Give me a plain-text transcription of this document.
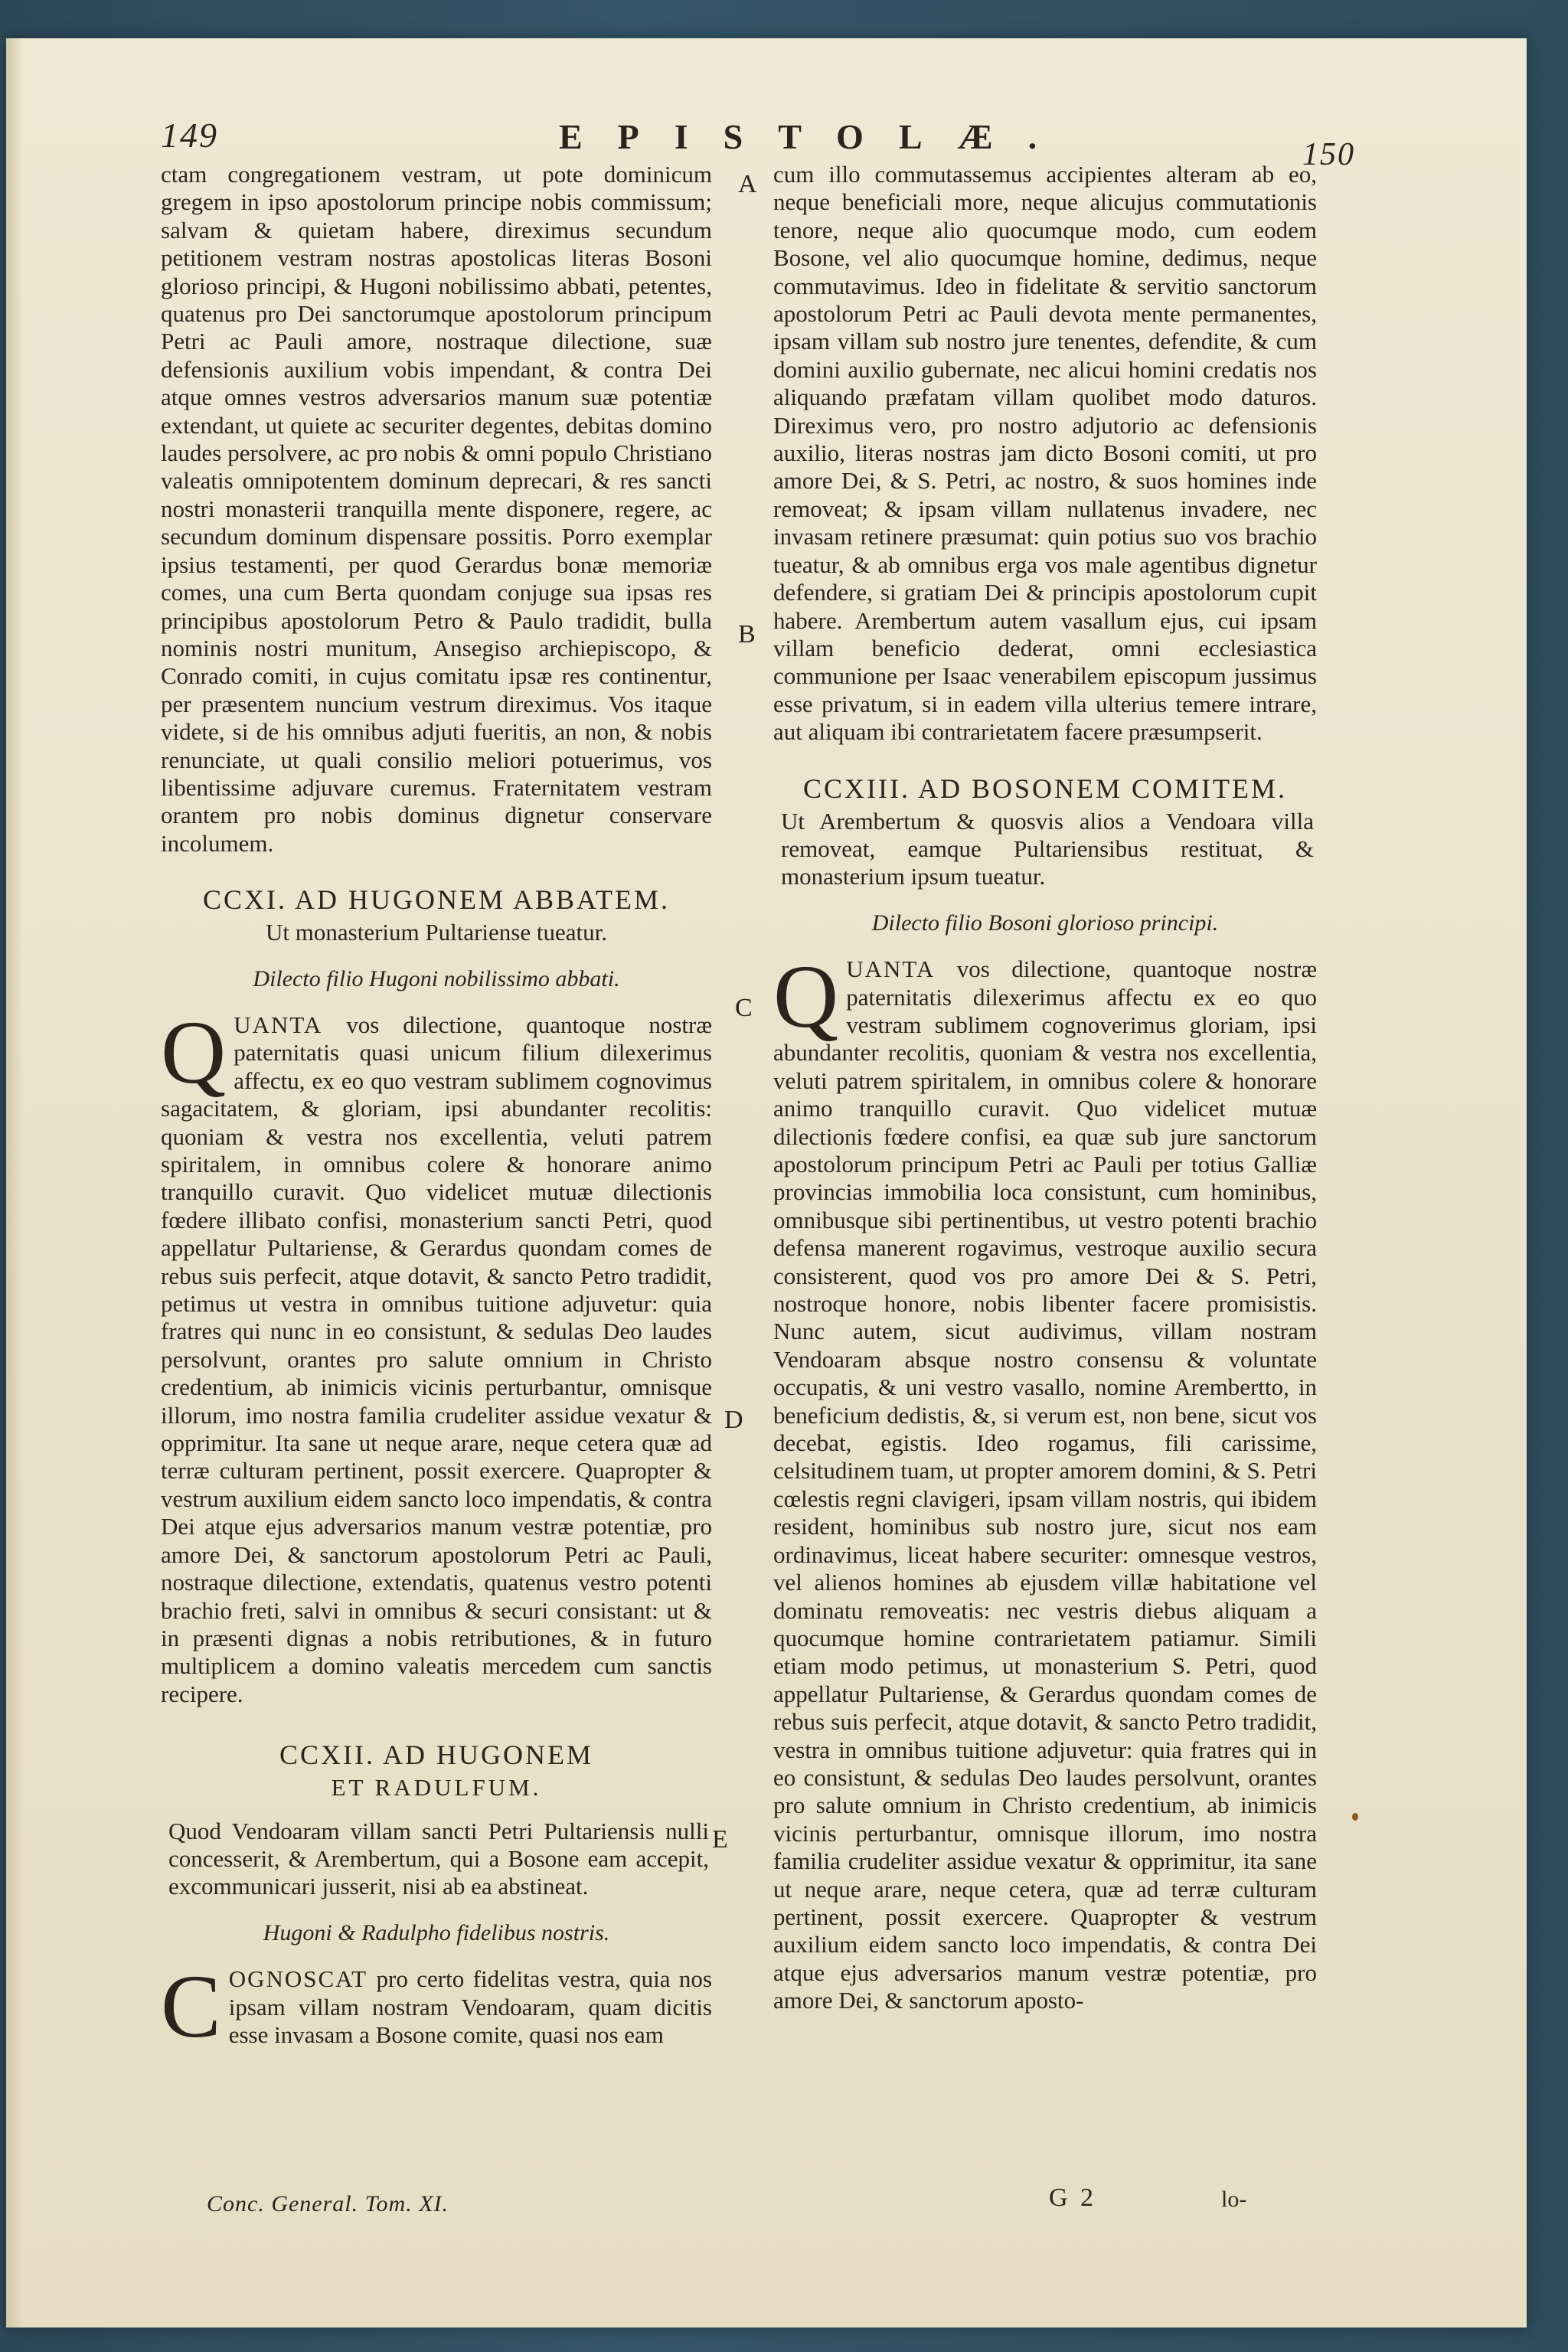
149	EPISTOLÆ.	150

ctam congregationem vestram, ut pote dominicum gregem in ipso apostolorum principe nobis commissum; salvam & quietam habere, direximus secundum petitionem vestram nostras apostolicas literas Bosoni glorioso principi, & Hugoni nobilissimo abbati, petentes, quatenus pro Dei sanctorumque apostolorum principum Petri ac Pauli amore, nostraque dilectione, suæ defensionis auxilium vobis impendant, & contra Dei atque omnes vestros adversarios manum suæ potentiæ extendant, ut quiete ac securiter degentes, debitas domino laudes persolvere, ac pro nobis & omni populo Christiano valeatis omnipotentem dominum deprecari, & res sancti nostri monasterii tranquilla mente disponere, regere, ac secundum dominum dispensare possitis. Porro exemplar ipsius testamenti, per quod Gerardus bonæ memoriæ comes, una cum Berta quondam conjuge sua ipsas res principibus apostolorum Petro & Paulo tradidit, bulla nominis nostri munitum, Ansegiso archiepiscopo, & Conrado comiti, in cujus comitatu ipsæ res continentur, per præsentem nuncium vestrum direximus. Vos itaque videte, si de his omnibus adjuti fueritis, an non, & nobis renunciate, ut quali consilio meliori potuerimus, vos libentissime adjuvare curemus. Fraternitatem vestram orantem pro nobis dominus dignetur conservare incolumem.

CCXI. AD HUGONEM ABBATEM.
Ut monasterium Pultariense tueatur.
Dilecto filio Hugoni nobilissimo abbati.
QUANTA vos dilectione, quantoque nostræ paternitatis quasi unicum filium dilexerimus affectu, ex eo quo vestram sublimem cognovimus sagacitatem, & gloriam, ipsi abundanter recolitis: quoniam & vestra nos excellentia, veluti patrem spiritalem, in omnibus colere & honorare animo tranquillo curavit. Quo videlicet mutuæ dilectionis fœdere illibato confisi, monasterium sancti Petri, quod appellatur Pultariense, & Gerardus quondam comes de rebus suis perfecit, atque dotavit, & sancto Petro tradidit, petimus ut vestra in omnibus tuitione adjuvetur: quia fratres qui nunc in eo consistunt, & sedulas Deo laudes persolvunt, orantes pro salute omnium in Christo credentium, ab inimicis vicinis perturbantur, omnisque illorum, imo nostra familia crudeliter assidue vexatur & opprimitur. Ita sane ut neque arare, neque cetera quæ ad terræ culturam pertinent, possit exercere. Quapropter & vestrum auxilium eidem sancto loco impendatis, & contra Dei atque ejus adversarios manum vestræ potentiæ, pro amore Dei, & sanctorum apostolorum Petri ac Pauli, nostraque dilectione, extendatis, quatenus vestro potenti brachio freti, salvi in omnibus & securi consistant: ut & in præsenti dignas a nobis retributiones, & in futuro multiplicem a domino valeatis mercedem cum sanctis recipere.
CCXII. AD HUGONEM
ET RADULFUM.

Quod Vendoaram villam sancti Petri Pultariensis nulli concesserit, & Arembertum, qui a Bosone eam accepit, excommunicari jusserit, nisi ab ea abstineat.

Hugoni & Radulpho fidelibus nostris.
COGNOSCAT pro certo fidelitas vestra, quia nos ipsam villam nostram Vendoaram, quam dicitis esse invasam a Bosone comite, quasi nos eam
A
B
C
D
E

cum illo commutassemus accipientes alteram ab eo, neque beneficiali more, neque alicujus commutationis tenore, neque alio quocumque modo, cum eodem Bosone, vel alio quocumque homine, dedimus, neque commutavimus. Ideo in fidelitate & servitio sanctorum apostolorum Petri ac Pauli devota mente permanentes, ipsam villam sub nostro jure tenentes, defendite, & cum domini auxilio gubernate, nec alicui homini credatis nos aliquando præfatam villam quolibet modo daturos. Direximus vero, pro nostro adjutorio ac defensionis auxilio, literas nostras jam dicto Bosoni comiti, ut pro amore Dei, & S. Petri, ac nostro, & suos homines inde removeat; & ipsam villam nullatenus invadere, nec invasam retinere præsumat: quin potius suo vos brachio tueatur, & ab omnibus erga vos male agentibus dignetur defendere, si gratiam Dei & principis apostolorum cupit habere. Arembertum autem vasallum ejus, cui ipsam villam beneficio dederat, omni ecclesiastica communione per Isaac venerabilem episcopum jussimus esse privatum, si in eadem villa ulterius temere intrare, aut aliquam ibi contrarietatem facere præsumpserit.

CCXIII. AD BOSONEM COMITEM.

Ut Arembertum & quosvis alios a Vendoara villa removeat, eamque Pultariensibus restituat, & monasterium ipsum tueatur.

Dilecto filio Bosoni glorioso principi.
QUANTA vos dilectione, quantoque nostræ paternitatis dilexerimus affectu ex eo quo vestram sublimem cognoverimus gloriam, ipsi abundanter recolitis, quoniam & vestra nos excellentia, veluti patrem spiritalem, in omnibus colere & honorare animo tranquillo curavit. Quo videlicet mutuæ dilectionis fœdere confisi, ea quæ sub jure sanctorum apostolorum principum Petri ac Pauli per totius Galliæ provincias immobilia loca consistunt, cum hominibus, omnibusque sibi pertinentibus, ut vestro potenti brachio defensa manerent rogavimus, vestroque auxilio secura consisterent, quod vos pro amore Dei & S. Petri, nostroque honore, nobis libenter facere promisistis. Nunc autem, sicut audivimus, villam nostram Vendoaram absque nostro consensu & voluntate occupatis, & uni vestro vasallo, nomine Arembertto, in beneficium dedistis, &, si verum est, non bene, sicut vos decebat, egistis. Ideo rogamus, fili carissime, celsitudinem tuam, ut propter amorem domini, & S. Petri cœlestis regni clavigeri, ipsam villam nostris, qui ibidem resident, hominibus sub nostro jure, sicut nos eam ordinavimus, liceat habere securiter: omnesque vestros, vel alienos homines ab ejusdem villæ habitatione vel dominatu removeatis: nec vestris diebus aliquam a quocumque homine contrarietatem patiamur. Simili etiam modo petimus, ut monasterium S. Petri, quod appellatur Pultariense, & Gerardus quondam comes de rebus suis perfecit, atque dotavit, & sancto Petro tradidit, vestra in omnibus tuitione adjuvetur: quia fratres qui in eo consistunt, & sedulas Deo laudes persolvunt, orantes pro salute omnium in Christo credentium, ab inimicis vicinis perturbantur, omnisque illorum, imo nostra familia crudeliter assidue vexatur & opprimitur, ita sane ut neque arare, neque cetera, quæ ad terræ culturam pertinent, possit exercere. Quapropter & vestrum auxilium eidem sancto loco impendatis, & contra Dei atque ejus adversarios manum vestræ potentiæ, pro amore Dei, & sanctorum aposto-
Conc. General. Tom. XI.	G 2	lo-
